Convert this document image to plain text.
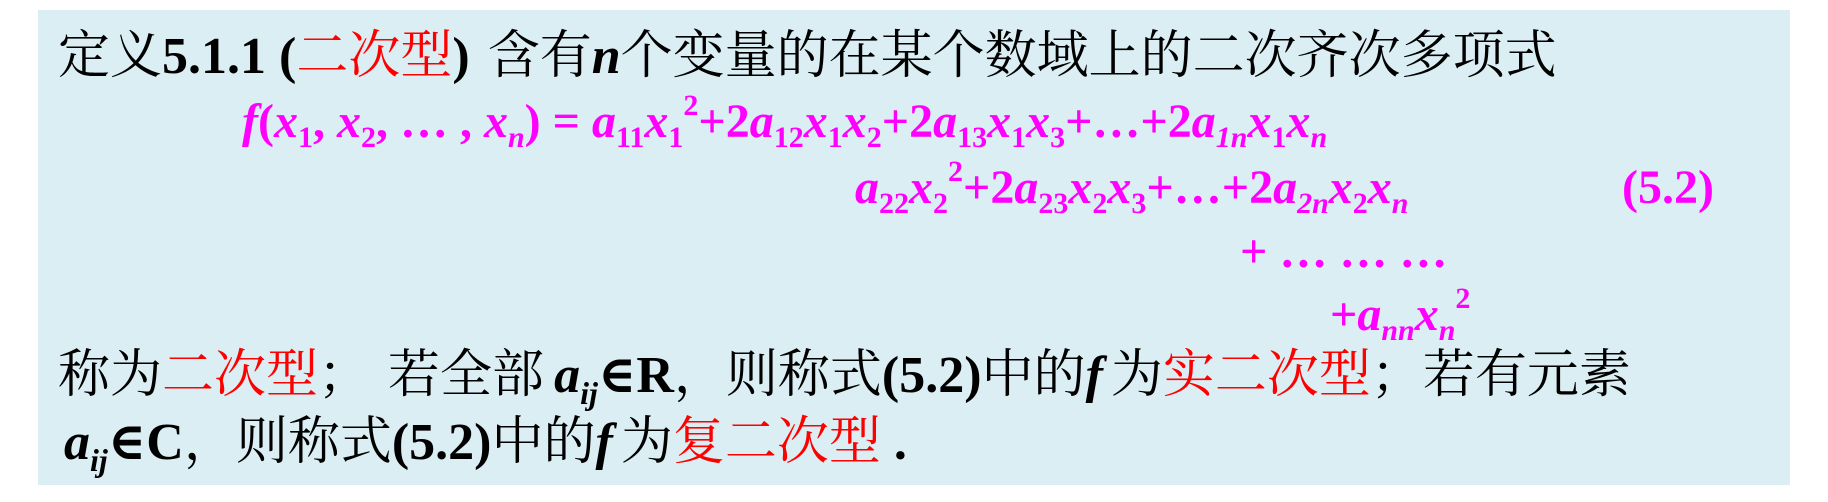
定义5.1.1 (二次型) 含有n个变量的在某个数域上的二次齐次多项式
$f(x_1$, $x_2$, … , $x_n$) = $a_{11}x_1^2+2a_{12}x_1x_2+2a_{13}x_1x_3+\dots+2a_{1n}x_1x_n$
$a_{22}x_2^2+2a_{23}x_2x_3+\dots+2a_{2n}x_2x_n$	(5.2)
+ … … …
$+a_{nn}x_n^2$
称为二次型； 若全部 $a_{ij}\in R$，则称式(5.2)中的f 为实二次型；若有元素
$a_{ij}\in C$，则称式(5.2)中的f 为复二次型 .
